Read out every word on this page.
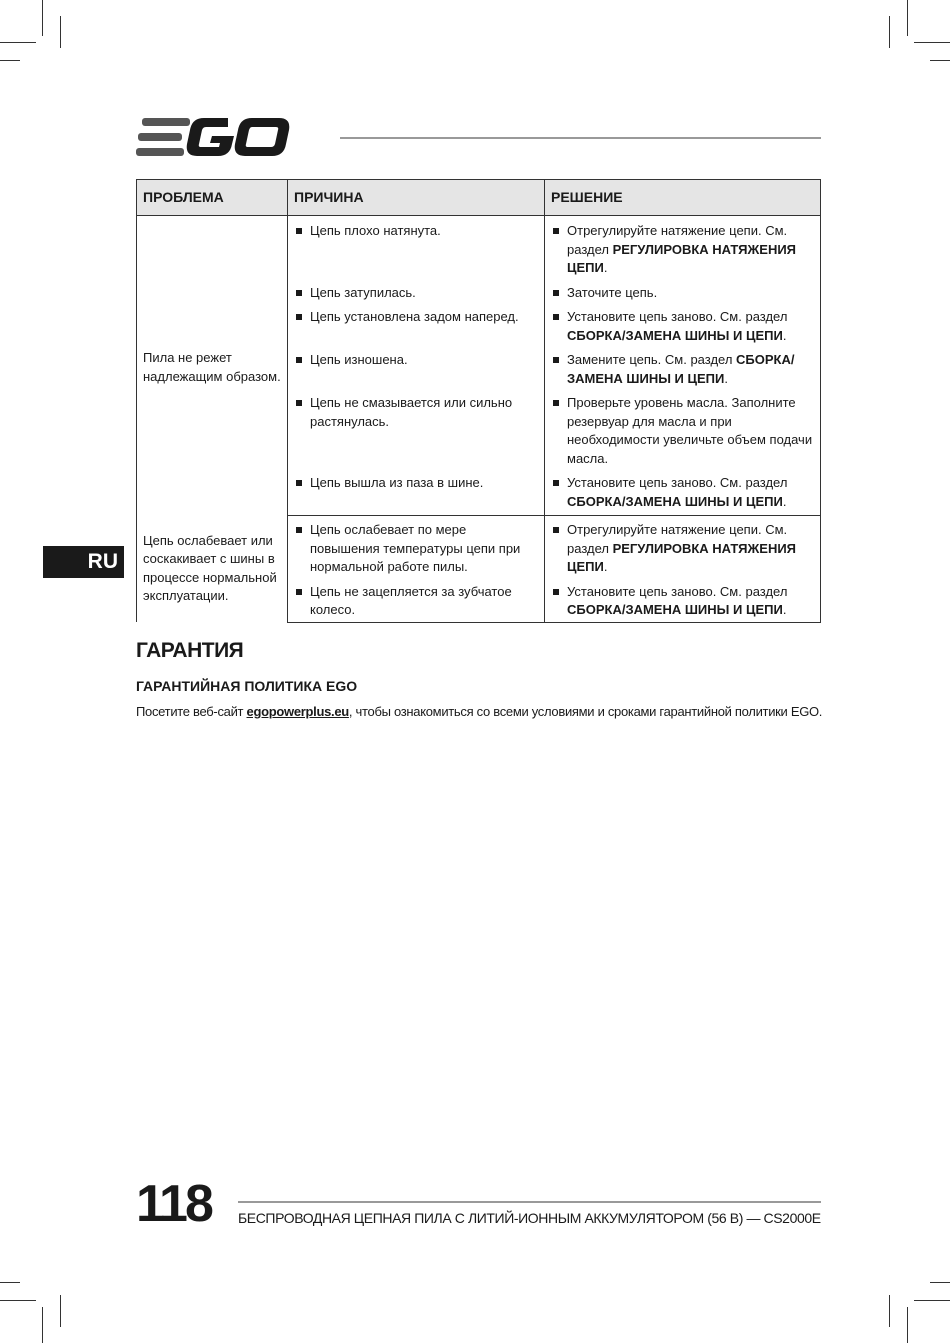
RU
ПРОБЛЕМА	ПРИЧИНА	РЕШЕНИЕ
Пила не режет надлежащим образом.	Цепь плохо натянута.	Отрегулируйте натяжение цепи. См. раздел РЕГУЛИРОВКА НАТЯЖЕНИЯ ЦЕПИ.

	Цепь затупилась.	Заточите цепь.

	Цепь установлена задом наперед.	Установите цепь заново. См. раздел СБОРКА/ЗАМЕНА ШИНЫ И ЦЕПИ.

	Цепь изношена.	Замените цепь. См. раздел СБОРКА/ ЗАМЕНА ШИНЫ И ЦЕПИ.

	Цепь не смазывается или сильно растянулась.	Проверьте уровень масла. Заполните резервуар для масла и при необходимости увеличьте объем подачи масла.

	Цепь вышла из паза в шине.	Установите цепь заново. См. раздел СБОРКА/ЗАМЕНА ШИНЫ И ЦЕПИ.

Цепь ослабевает или соскакивает с шины в процессе нормальной эксплуатации.	Цепь ослабевает по мере повышения температуры цепи при нормальной работе пилы.	Отрегулируйте натяжение цепи. См. раздел РЕГУЛИРОВКА НАТЯЖЕНИЯ ЦЕПИ.

	Цепь не зацепляется за зубчатое колесо.	Установите цепь заново. См. раздел СБОРКА/ЗАМЕНА ШИНЫ И ЦЕПИ.
ГАРАНТИЯ
ГАРАНТИЙНАЯ ПОЛИТИКА EGO

Посетите веб-сайт egopowerplus.eu, чтобы ознакомиться со всеми условиями и сроками гарантийной политики EGO.

118 БЕСПРОВОДНАЯ ЦЕПНАЯ ПИЛА С ЛИТИЙ-ИОННЫМ АККУМУЛЯТОРОМ (56 В) — CS2000E
